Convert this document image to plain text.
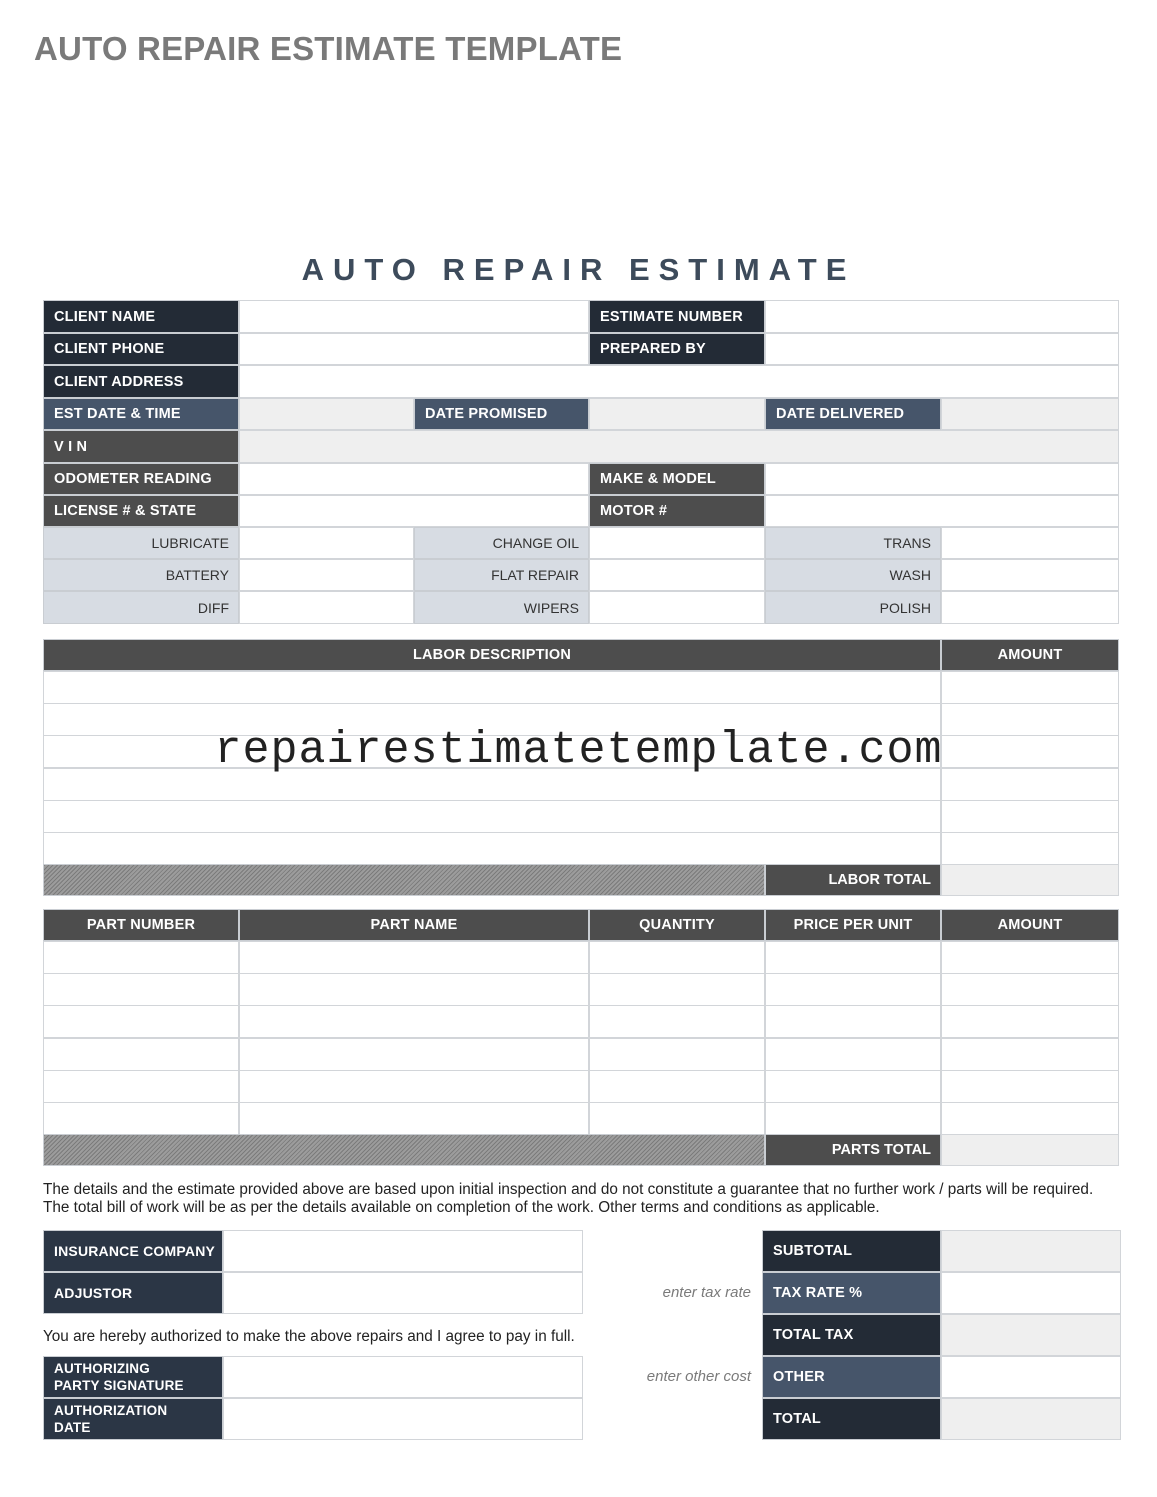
AUTO REPAIR ESTIMATE TEMPLATE
AUTO REPAIR ESTIMATE
CLIENT NAME	ESTIMATE NUMBER
CLIENT PHONE	PREPARED BY
CLIENT ADDRESS
EST DATE & TIME	DATE PROMISED	DATE DELIVERED
V I N
ODOMETER READING	MAKE & MODEL
LICENSE # & STATE	MOTOR #
LUBRICATE	CHANGE OIL	TRANS
BATTERY	FLAT REPAIR	WASH
DIFF	WIPERS	POLISH
LABOR DESCRIPTION	AMOUNT
LABOR TOTAL
repairestimatetemplate.com
PART NUMBER	PART NAME	QUANTITY	PRICE PER UNIT	AMOUNT
PARTS TOTAL
The details and the estimate provided above are based upon initial inspection and do not constitute a guarantee that no further work / parts will be required. The total bill of work will be as per the details available on completion of the work. Other terms and conditions as applicable.
INSURANCE COMPANY
ADJUSTOR
You are hereby authorized to make the above repairs and I agree to pay in full.
AUTHORIZING
PARTY SIGNATURE
AUTHORIZATION
DATE
enter tax rate
enter other cost
SUBTOTAL
TAX RATE %
TOTAL TAX
OTHER
TOTAL
